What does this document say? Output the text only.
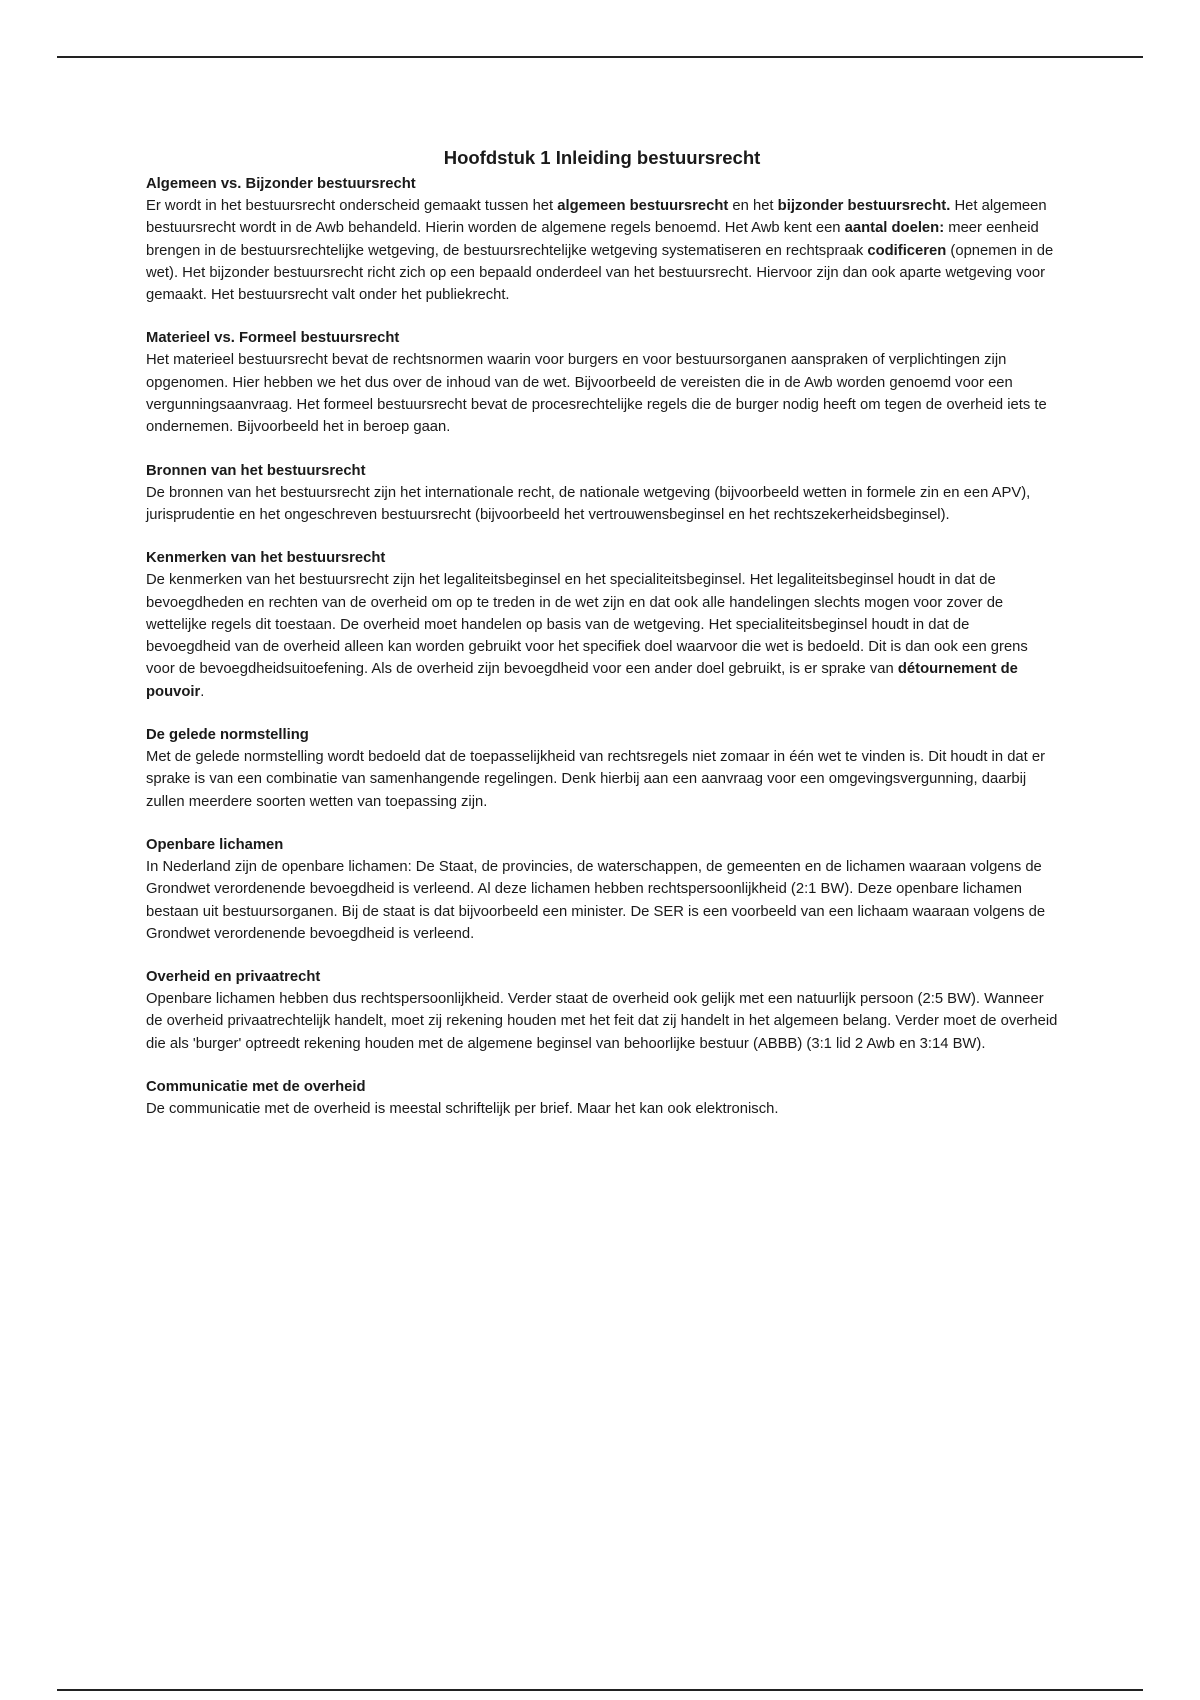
Hoofdstuk 1 Inleiding bestuursrecht
Algemeen vs. Bijzonder bestuursrecht

Er wordt in het bestuursrecht onderscheid gemaakt tussen het algemeen bestuursrecht en het bijzonder bestuursrecht. Het algemeen bestuursrecht wordt in de Awb behandeld. Hierin worden de algemene regels benoemd. Het Awb kent een aantal doelen: meer eenheid brengen in de bestuursrechtelijke wetgeving, de bestuursrechtelijke wetgeving systematiseren en rechtspraak codificeren (opnemen in de wet). Het bijzonder bestuursrecht richt zich op een bepaald onderdeel van het bestuursrecht. Hiervoor zijn dan ook aparte wetgeving voor gemaakt. Het bestuursrecht valt onder het publiekrecht.

Materieel vs. Formeel bestuursrecht

Het materieel bestuursrecht bevat de rechtsnormen waarin voor burgers en voor bestuursorganen aanspraken of verplichtingen zijn opgenomen. Hier hebben we het dus over de inhoud van de wet. Bijvoorbeeld de vereisten die in de Awb worden genoemd voor een vergunningsaanvraag. Het formeel bestuursrecht bevat de procesrechtelijke regels die de burger nodig heeft om tegen de overheid iets te ondernemen. Bijvoorbeeld het in beroep gaan.

Bronnen van het bestuursrecht

De bronnen van het bestuursrecht zijn het internationale recht, de nationale wetgeving (bijvoorbeeld wetten in formele zin en een APV), jurisprudentie en het ongeschreven bestuursrecht (bijvoorbeeld het vertrouwensbeginsel en het rechtszekerheidsbeginsel).

Kenmerken van het bestuursrecht

De kenmerken van het bestuursrecht zijn het legaliteitsbeginsel en het specialiteitsbeginsel. Het legaliteitsbeginsel houdt in dat de bevoegdheden en rechten van de overheid om op te treden in de wet zijn en dat ook alle handelingen slechts mogen voor zover de wettelijke regels dit toestaan. De overheid moet handelen op basis van de wetgeving. Het specialiteitsbeginsel houdt in dat de bevoegdheid van de overheid alleen kan worden gebruikt voor het specifiek doel waarvoor die wet is bedoeld. Dit is dan ook een grens voor de bevoegdheidsuitoefening. Als de overheid zijn bevoegdheid voor een ander doel gebruikt, is er sprake van détournement de pouvoir.

De gelede normstelling

Met de gelede normstelling wordt bedoeld dat de toepasselijkheid van rechtsregels niet zomaar in één wet te vinden is. Dit houdt in dat er sprake is van een combinatie van samenhangende regelingen. Denk hierbij aan een aanvraag voor een omgevingsvergunning, daarbij zullen meerdere soorten wetten van toepassing zijn.

Openbare lichamen

In Nederland zijn de openbare lichamen: De Staat, de provincies, de waterschappen, de gemeenten en de lichamen waaraan volgens de Grondwet verordenende bevoegdheid is verleend. Al deze lichamen hebben rechtspersoonlijkheid (2:1 BW). Deze openbare lichamen bestaan uit bestuursorganen. Bij de staat is dat bijvoorbeeld een minister. De SER is een voorbeeld van een lichaam waaraan volgens de Grondwet verordenende bevoegdheid is verleend.

Overheid en privaatrecht

Openbare lichamen hebben dus rechtspersoonlijkheid. Verder staat de overheid ook gelijk met een natuurlijk persoon (2:5 BW). Wanneer de overheid privaatrechtelijk handelt, moet zij rekening houden met het feit dat zij handelt in het algemeen belang. Verder moet de overheid die als 'burger' optreedt rekening houden met de algemene beginsel van behoorlijke bestuur (ABBB) (3:1 lid 2 Awb en 3:14 BW).

Communicatie met de overheid

De communicatie met de overheid is meestal schriftelijk per brief. Maar het kan ook elektronisch.
